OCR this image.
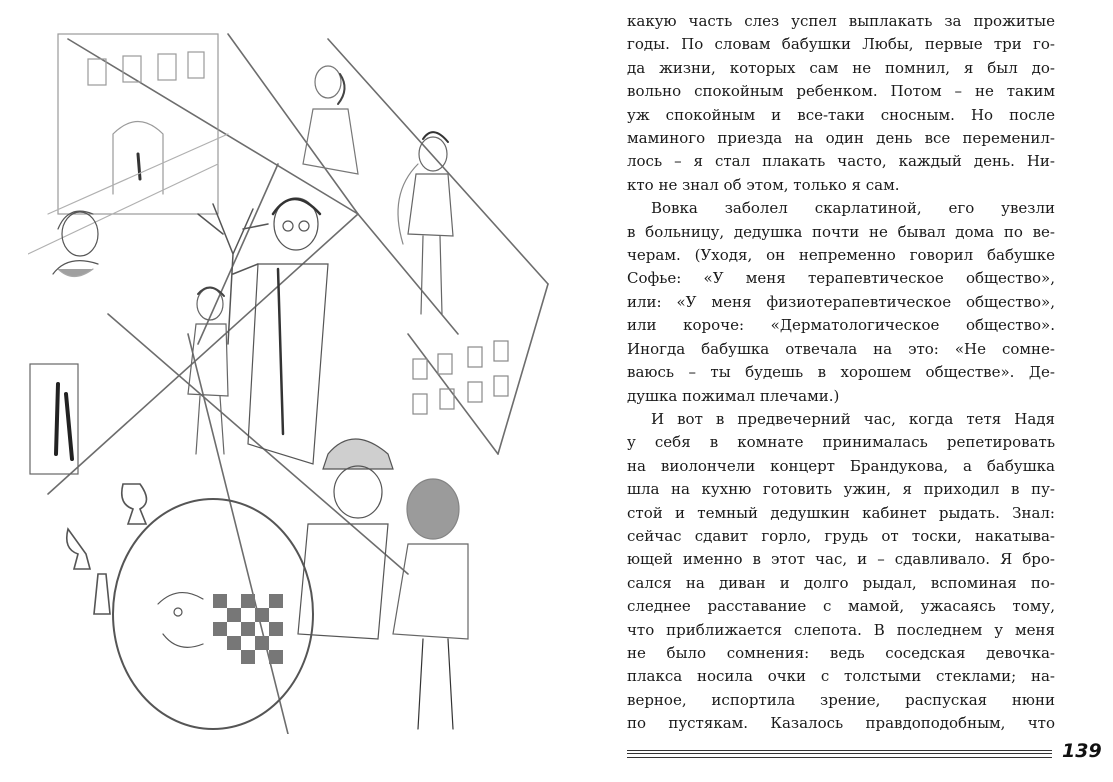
какую часть слез успел выплакать за прожитые

годы. По словам бабушки Любы, первые три го-

да жизни, которых сам не помнил, я был до-

вольно спокойным ребенком. Потом – не таким

уж спокойным и все-таки сносным. Но после

маминого приезда на один день все переменил-

лось – я стал плакать часто, каждый день. Ни-

кто не знал об этом, только я сам.

Вовка заболел скарлатиной, его увезли

в больницу, дедушка почти не бывал дома по ве-

черам. (Уходя, он непременно говорил бабушке

Софье: «У меня терапевтическое общество»,

или: «У меня физиотерапевтическое общество»,

или короче: «Дерматологическое общество».

Иногда бабушка отвечала на это: «Не сомне-

ваюсь – ты будешь в хорошем обществе». Де-

душка пожимал плечами.)

И вот в предвечерний час, когда тетя Надя

у себя в комнате принималась репетировать

на виолончели концерт Брандукова, а бабушка

шла на кухню готовить ужин, я приходил в пу-

стой и темный дедушкин кабинет рыдать. Знал:

сейчас сдавит горло, грудь от тоски, накатыва-

ющей именно в этот час, и – сдавливало. Я бро-

сался на диван и долго рыдал, вспоминая по-

следнее расставание с мамой, ужасаясь тому,

что приближается слепота. В последнем у меня

не было сомнения: ведь соседская девочка-

плакса носила очки с толстыми стеклами; на-

верное, испортила зрение, распуская нюни

по пустякам. Казалось правдоподобным, что

139
